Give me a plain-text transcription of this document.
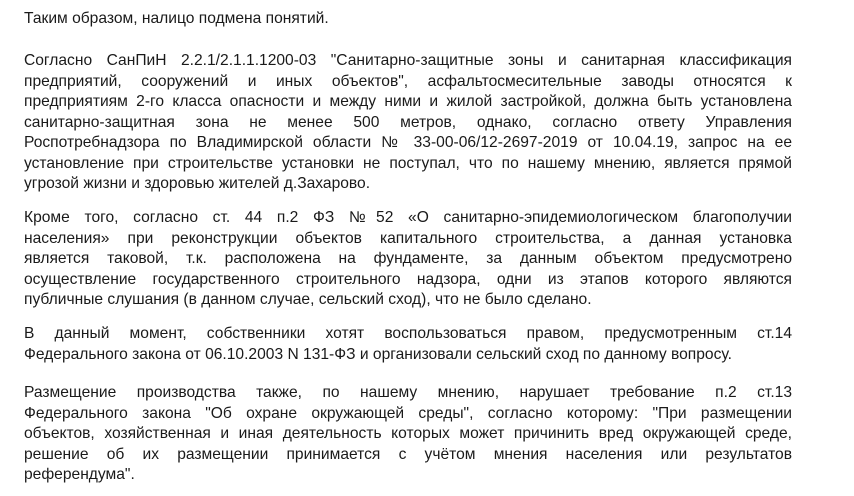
Таким образом, налицо подмена понятий.
Согласно СанПиН 2.2.1/2.1.1.1200-03 "Санитарно-защитные зоны и санитарная классификация
предприятий, сооружений и иных объектов", асфальтосмесительные заводы относятся к
предприятиям 2-го класса опасности и между ними и жилой застройкой, должна быть установлена
санитарно-защитная зона не менее 500 метров, однако, согласно ответу Управления
Роспотребнадзора по Владимирской области № 33-00-06/12-2697-2019 от 10.04.19, запрос на ее
установление при строительстве установки не поступал, что по нашему мнению, является прямой
угрозой жизни и здоровью жителей д.Захарово.
Кроме того, согласно ст. 44 п.2 ФЗ №52 «О санитарно-эпидемиологическом благополучии
населения» при реконструкции объектов капитального строительства, а данная установка
является таковой, т.к. расположена на фундаменте, за данным объектом предусмотрено
осуществление государственного строительного надзора, одни из этапов которого являются
публичные слушания (в данном случае, сельский сход), что не было сделано.
В данный момент, собственники хотят воспользоваться правом, предусмотренным ст.14
Федерального закона от 06.10.2003 N 131-ФЗ и организовали сельский сход по данному вопросу.
Размещение производства также, по нашему мнению, нарушает требование п.2 ст.13
Федерального закона "Об охране окружающей среды", согласно которому: "При размещении
объектов, хозяйственная и иная деятельность которых может причинить вред окружающей среде,
решение об их размещении принимается с учётом мнения населения или результатов
референдума".
